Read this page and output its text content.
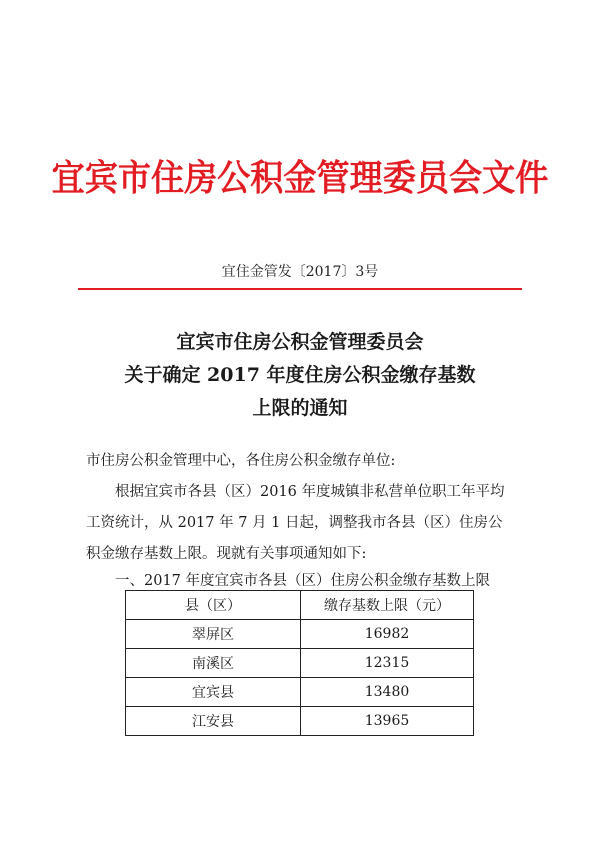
宜宾市住房公积金管理委员会文件
宜住金管发〔2017〕3号
宜宾市住房公积金管理委员会
关于确定 2017 年度住房公积金缴存基数
上限的通知

市住房公积金管理中心，各住房公积金缴存单位:

根据宜宾市各县（区）2016 年度城镇非私营单位职工年平均工资统计，从 2017 年 7 月 1 日起，调整我市各县（区）住房公积金缴存基数上限。现就有关事项通知如下:

一、2017 年度宜宾市各县（区）住房公积金缴存基数上限
县（区）	缴存基数上限（元）
翠屏区	16982
南溪区	12315
宜宾县	13480
江安县	13965
